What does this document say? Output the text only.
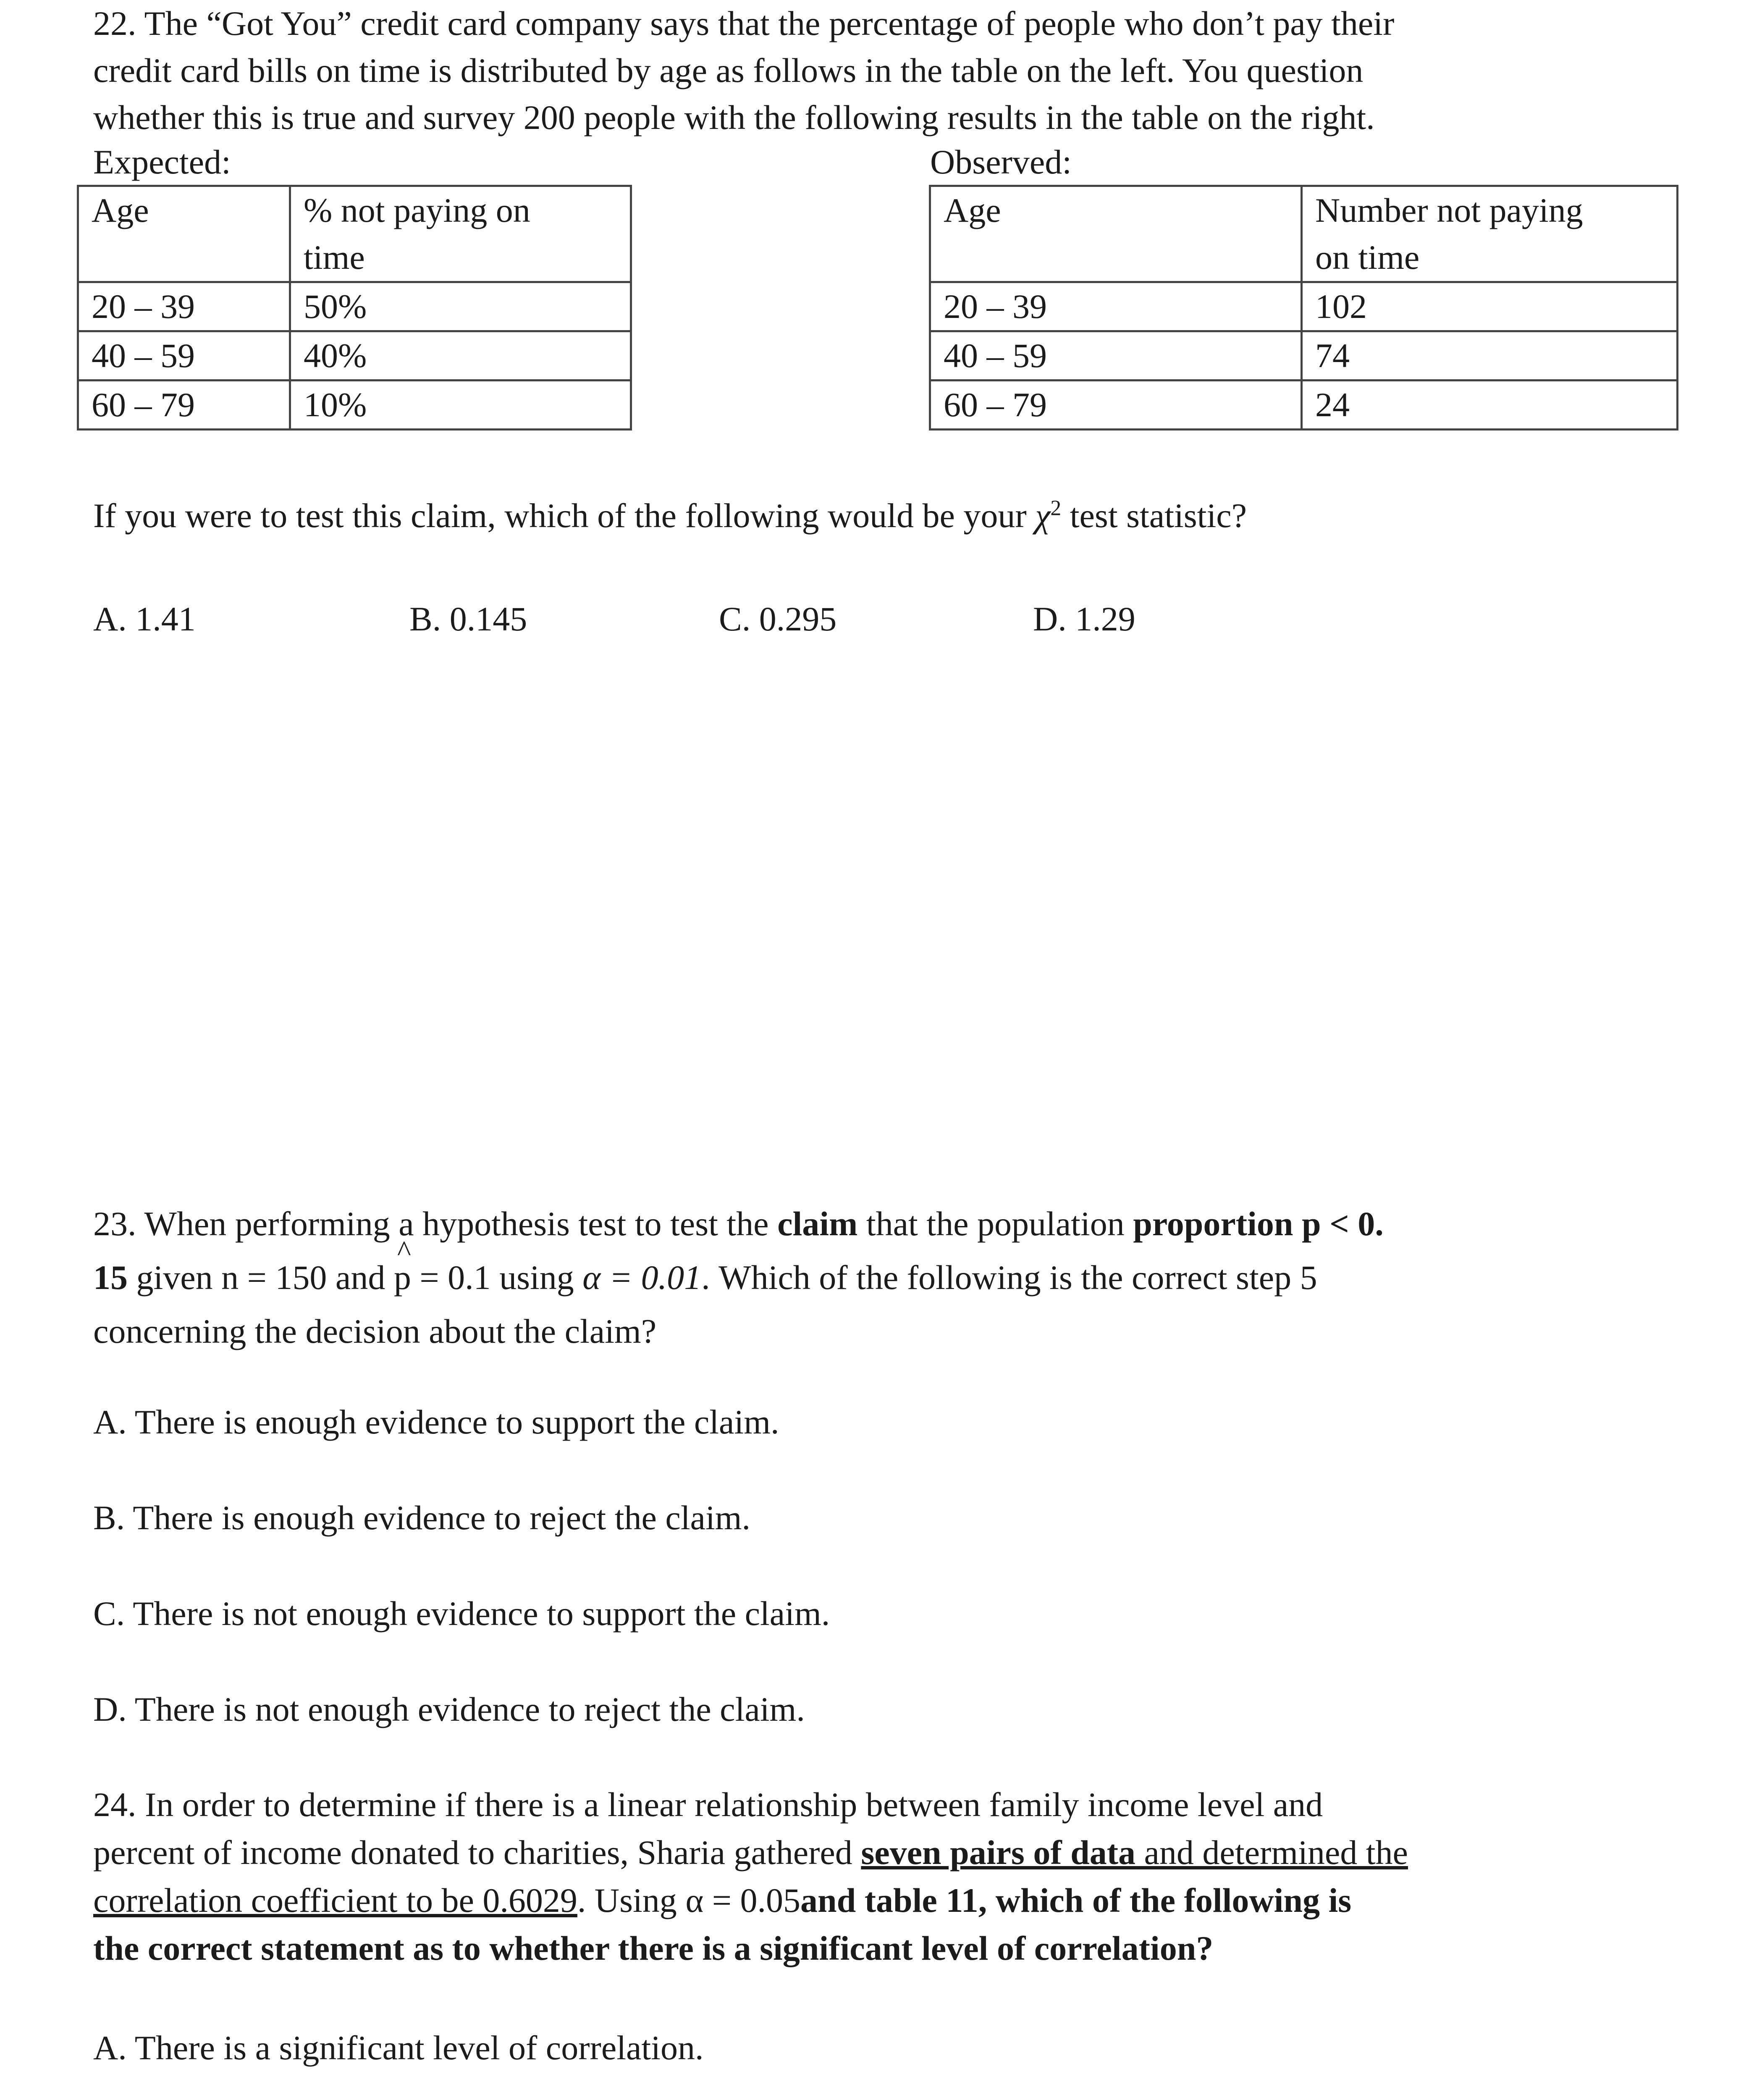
22. The “Got You” credit card company says that the percentage of people who don’t pay their
credit card bills on time is distributed by age as follows in the table on the left. You question
whether this is true and survey 200 people with the following results in the table on the right.
Expected:	Observed:
Age	% not paying on
time

20 – 39	50%
40 – 59	40%
60 – 79	10%
Age	Number not paying
on time

20 – 39	102
40 – 59	74
60 – 79	24
If you were to test this claim, which of the following would be your $\chi^2$ test statistic?
A. 1.41	B. 0.145	C. 0.295	D. 1.29
23. When performing a hypothesis test to test the claim that the population proportion p < 0.
15 given n = 150 and p
^
= 0.1 using α = 0.01. Which of the following is the correct step 5
concerning the decision about the claim?
A. There is enough evidence to support the claim.
B. There is enough evidence to reject the claim.
C. There is not enough evidence to support the claim.
D. There is not enough evidence to reject the claim.
24. In order to determine if there is a linear relationship between family income level and
percent of income donated to charities, Sharia gathered seven pairs of data and determined the
correlation coefficient to be 0.6029. Using α = 0.05and table 11, which of the following is
the correct statement as to whether there is a significant level of correlation?
A. There is a significant level of correlation.
